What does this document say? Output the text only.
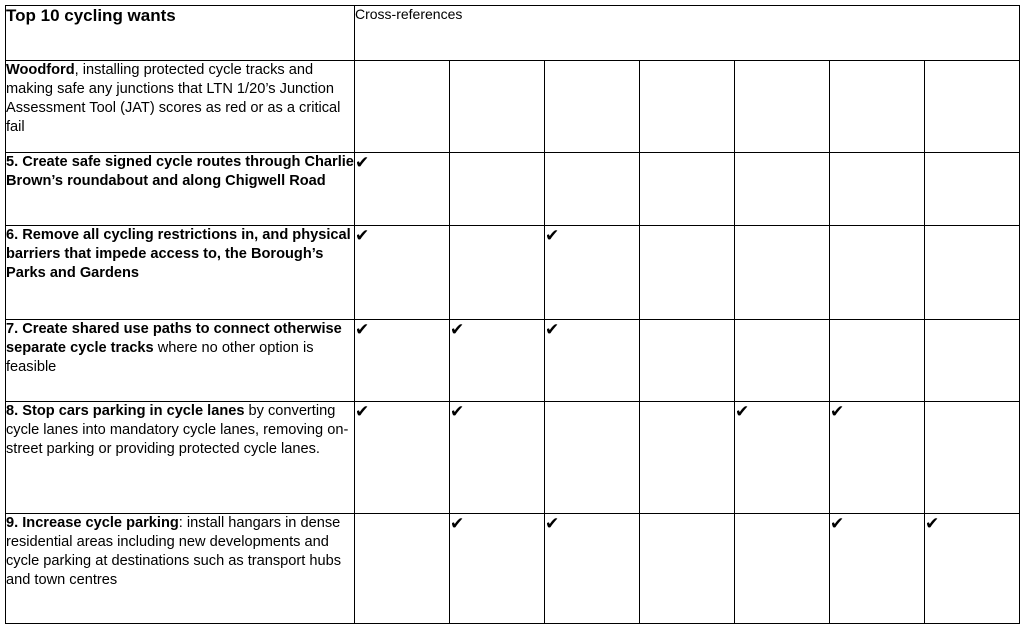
Top 10 cycling wants	Cross-references						
Woodford, installing protected cycle tracks and making safe any junctions that LTN 1/20’s Junction Assessment Tool (JAT) scores as red or as a critical fail							
5. Create safe signed cycle routes through Charlie Brown’s roundabout and along Chigwell Road	✔						
6. Remove all cycling restrictions in, and physical barriers that impede access to, the Borough’s Parks and Gardens	✔		✔				
7. Create shared use paths to connect otherwise separate cycle tracks where no other option is feasible	✔	✔	✔				
8. Stop cars parking in cycle lanes by converting cycle lanes into mandatory cycle lanes, removing on-street parking or providing protected cycle lanes.	✔	✔			✔	✔	
9. Increase cycle parking: install hangars in dense residential areas including new developments and cycle parking at destinations such as transport hubs and town centres		✔	✔			✔	✔
